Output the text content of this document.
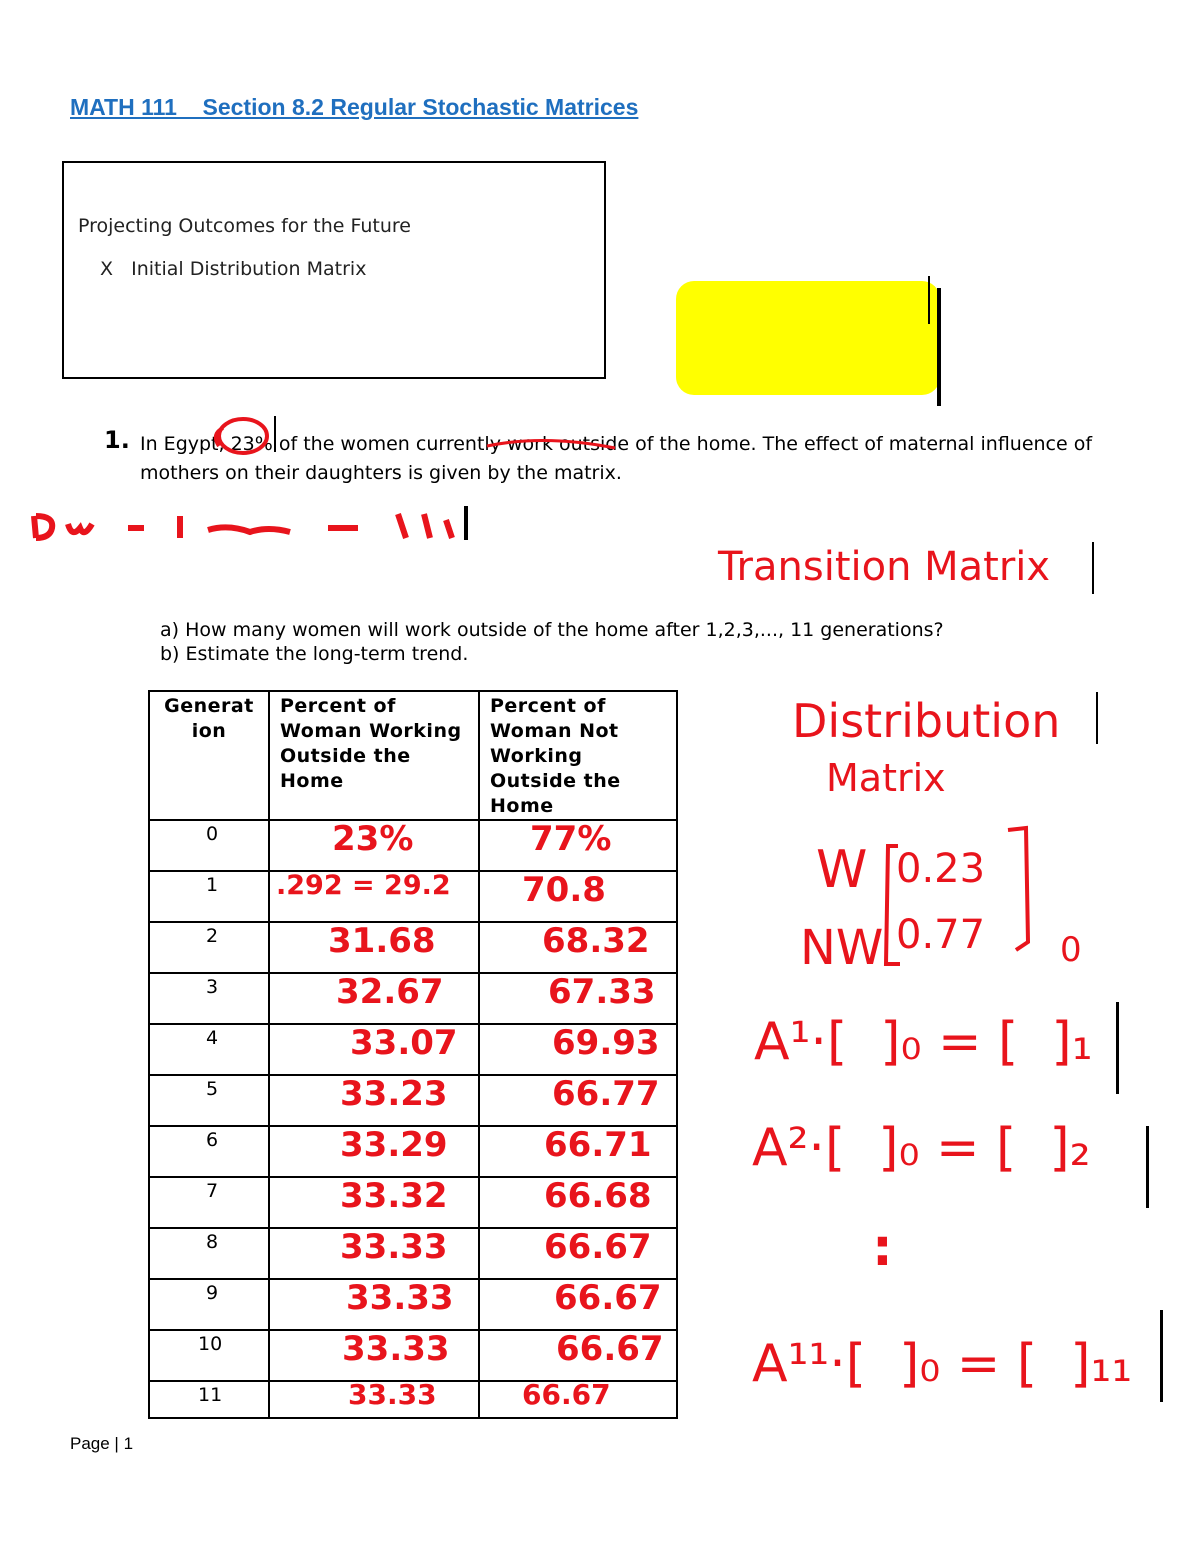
MATH 111    Section 8.2 Regular Stochastic Matrices
Projecting Outcomes for the Future
X   Initial Distribution Matrix
1. In Egypt, 23% of the women currently work outside of the home. The effect of maternal influence of mothers on their daughters is given by the matrix.
Transition Matrix
a) How many women will work outside of the home after 1,2,3,..., 11 generations?
b) Estimate the long-term trend.
Generat ion	Percent of Woman Working Outside the Home	Percent of Woman Not Working Outside the Home
0	23%	77%
1	.292 = 29.2	70.8
2	31.68	68.32
3	32.67	67.33
4	33.07	69.93
5	33.23	66.77
6	33.29	66.71
7	33.32	66.68
8	33.33	66.67
9	33.33	66.67
10	33.33	66.67
11	33.33	66.67
Distribution
Matrix
W 0.23
NW 0.77 0
A¹·[  ]₀ = [  ]₁
A²·[  ]₀ = [  ]₂
:
A¹¹·[  ]₀ = [  ]₁₁
Page | 1
